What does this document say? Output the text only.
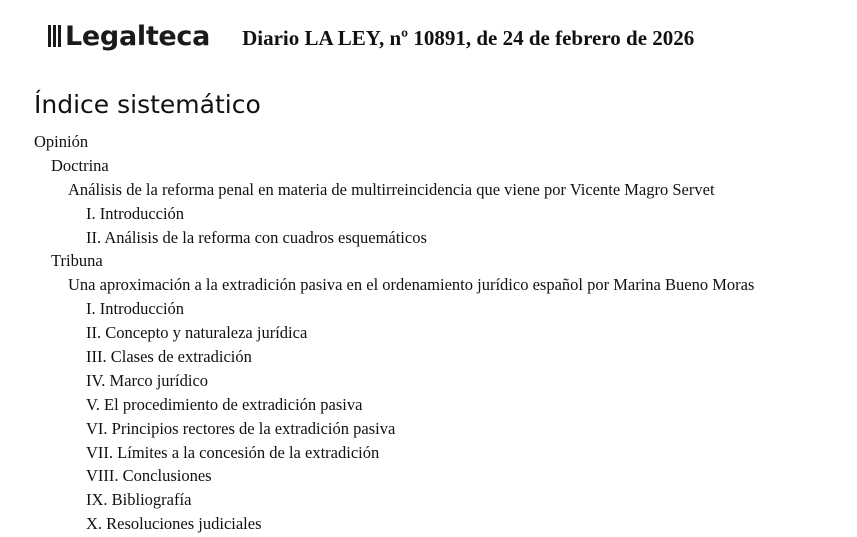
Legalteca Diario LA LEY, nº 10891, de 24 de febrero de 2026
Índice sistemático
Opinión
Doctrina
Análisis de la reforma penal en materia de multirreincidencia que viene por Vicente Magro Servet
I. Introducción
II. Análisis de la reforma con cuadros esquemáticos
Tribuna
Una aproximación a la extradición pasiva en el ordenamiento jurídico español por Marina Bueno Moras
I. Introducción
II. Concepto y naturaleza jurídica
III. Clases de extradición
IV. Marco jurídico
V. El procedimiento de extradición pasiva
VI. Principios rectores de la extradición pasiva
VII. Límites a la concesión de la extradición
VIII. Conclusiones
IX. Bibliografía
X. Resoluciones judiciales
